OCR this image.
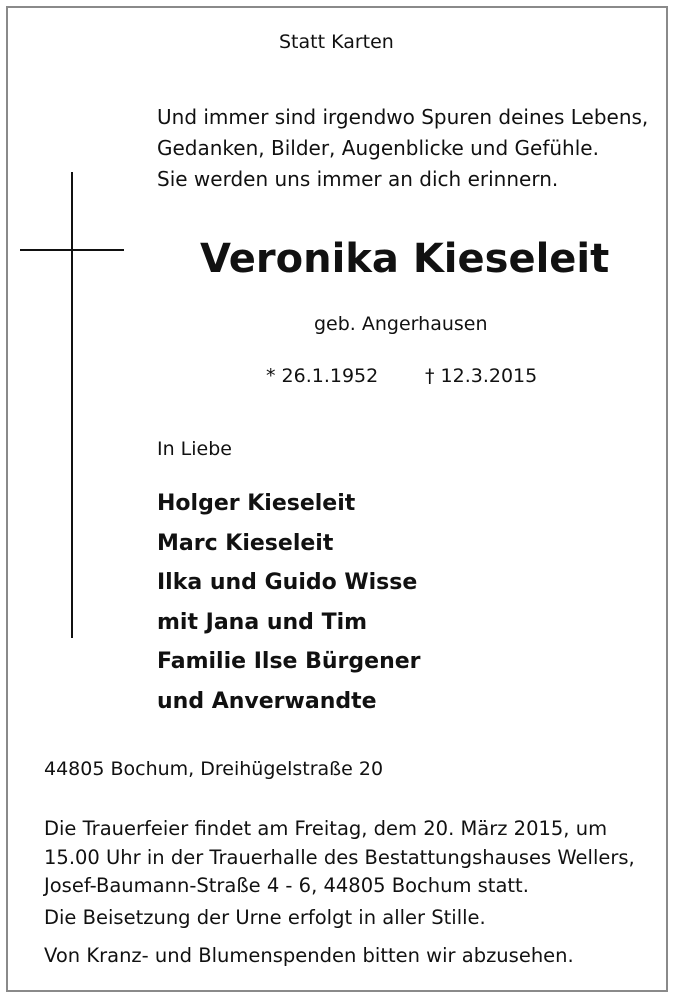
Statt Karten

Und immer sind irgendwo Spuren deines Lebens,
Gedanken, Bilder, Augenblicke und Gefühle.
Sie werden uns immer an dich erinnern.
Veronika Kieseleit

geb. Angerhausen

* 26.1.1952 † 12.3.2015

In Liebe

Holger Kieseleit
Marc Kieseleit
Ilka und Guido Wisse
mit Jana und Tim
Familie Ilse Bürgener
und Anverwandte

44805 Bochum, Dreihügelstraße 20

Die Trauerfeier findet am Freitag, dem 20. März 2015, um
15.00 Uhr in der Trauerhalle des Bestattungshauses Wellers,
Josef-Baumann-Straße 4 - 6, 44805 Bochum statt.

Die Beisetzung der Urne erfolgt in aller Stille.

Von Kranz- und Blumenspenden bitten wir abzusehen.
